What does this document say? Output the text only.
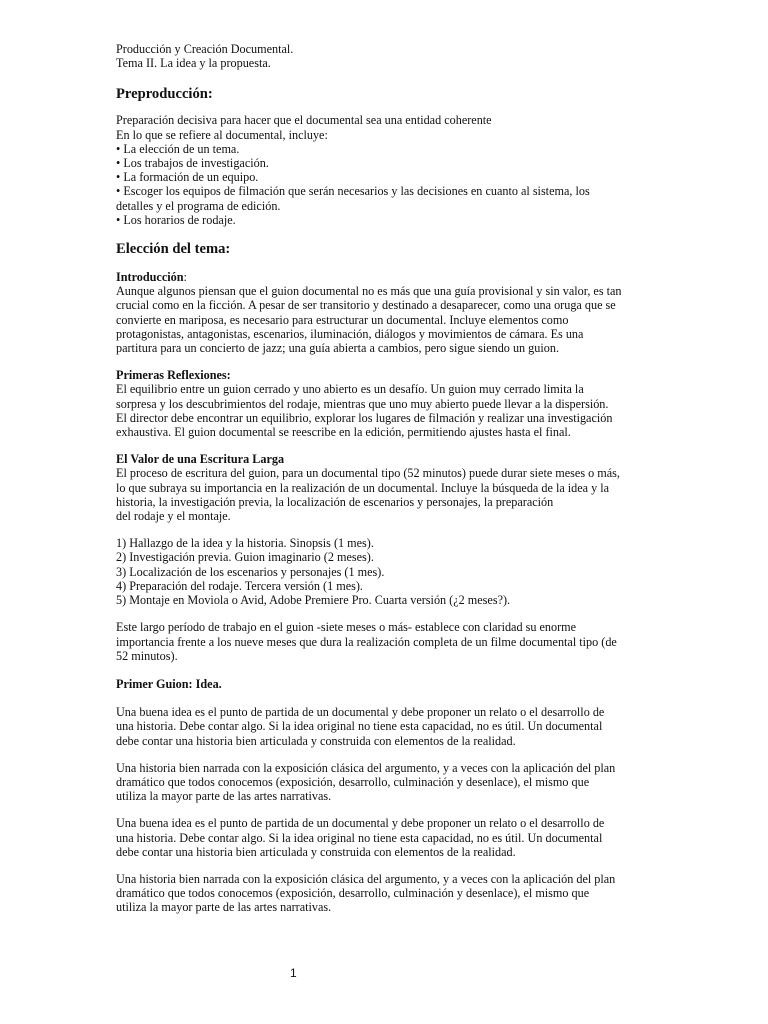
Producción y Creación Documental.
Tema II. La idea y la propuesta.
Preproducción:
Preparación decisiva para hacer que el documental sea una entidad coherente
En lo que se refiere al documental, incluye:
• La elección de un tema.
• Los trabajos de investigación.
• La formación de un equipo.
• Escoger los equipos de filmación que serán necesarios y las decisiones en cuanto al sistema, los
detalles y el programa de edición.
• Los horarios de rodaje.
Elección del tema:
Introducción:
Aunque algunos piensan que el guion documental no es más que una guía provisional y sin valor, es tan
crucial como en la ficción. A pesar de ser transitorio y destinado a desaparecer, como una oruga que se
convierte en mariposa, es necesario para estructurar un documental. Incluye elementos como
protagonistas, antagonistas, escenarios, iluminación, diálogos y movimientos de cámara. Es una
partitura para un concierto de jazz; una guía abierta a cambios, pero sigue siendo un guion.
Primeras Reflexiones:
El equilibrio entre un guion cerrado y uno abierto es un desafío. Un guion muy cerrado limita la
sorpresa y los descubrimientos del rodaje, mientras que uno muy abierto puede llevar a la dispersión.
El director debe encontrar un equilibrio, explorar los lugares de filmación y realizar una investigación
exhaustiva. El guion documental se reescribe en la edición, permitiendo ajustes hasta el final.
El Valor de una Escritura Larga
El proceso de escritura del guion, para un documental tipo (52 minutos) puede durar siete meses o más,
lo que subraya su importancia en la realización de un documental. Incluye la búsqueda de la idea y la
historia, la investigación previa, la localización de escenarios y personajes, la preparación
del rodaje y el montaje.
1) Hallazgo de la idea y la historia. Sinopsis (1 mes).
2) Investigación previa. Guion imaginario (2 meses).
3) Localización de los escenarios y personajes (1 mes).
4) Preparación del rodaje. Tercera versión (1 mes).
5) Montaje en Moviola o Avid, Adobe Premiere Pro. Cuarta versión (¿2 meses?).
Este largo período de trabajo en el guion -siete meses o más- establece con claridad su enorme
importancia frente a los nueve meses que dura la realización completa de un filme documental tipo (de
52 minutos).
Primer Guion: Idea.
Una buena idea es el punto de partida de un documental y debe proponer un relato o el desarrollo de
una historia. Debe contar algo. Si la idea original no tiene esta capacidad, no es útil. Un documental
debe contar una historia bien articulada y construida con elementos de la realidad.
Una historia bien narrada con la exposición clásica del argumento, y a veces con la aplicación del plan
dramático que todos conocemos (exposición, desarrollo, culminación y desenlace), el mismo que
utiliza la mayor parte de las artes narrativas.
Una buena idea es el punto de partida de un documental y debe proponer un relato o el desarrollo de
una historia. Debe contar algo. Si la idea original no tiene esta capacidad, no es útil. Un documental
debe contar una historia bien articulada y construida con elementos de la realidad.
Una historia bien narrada con la exposición clásica del argumento, y a veces con la aplicación del plan
dramático que todos conocemos (exposición, desarrollo, culminación y desenlace), el mismo que
utiliza la mayor parte de las artes narrativas.
1
